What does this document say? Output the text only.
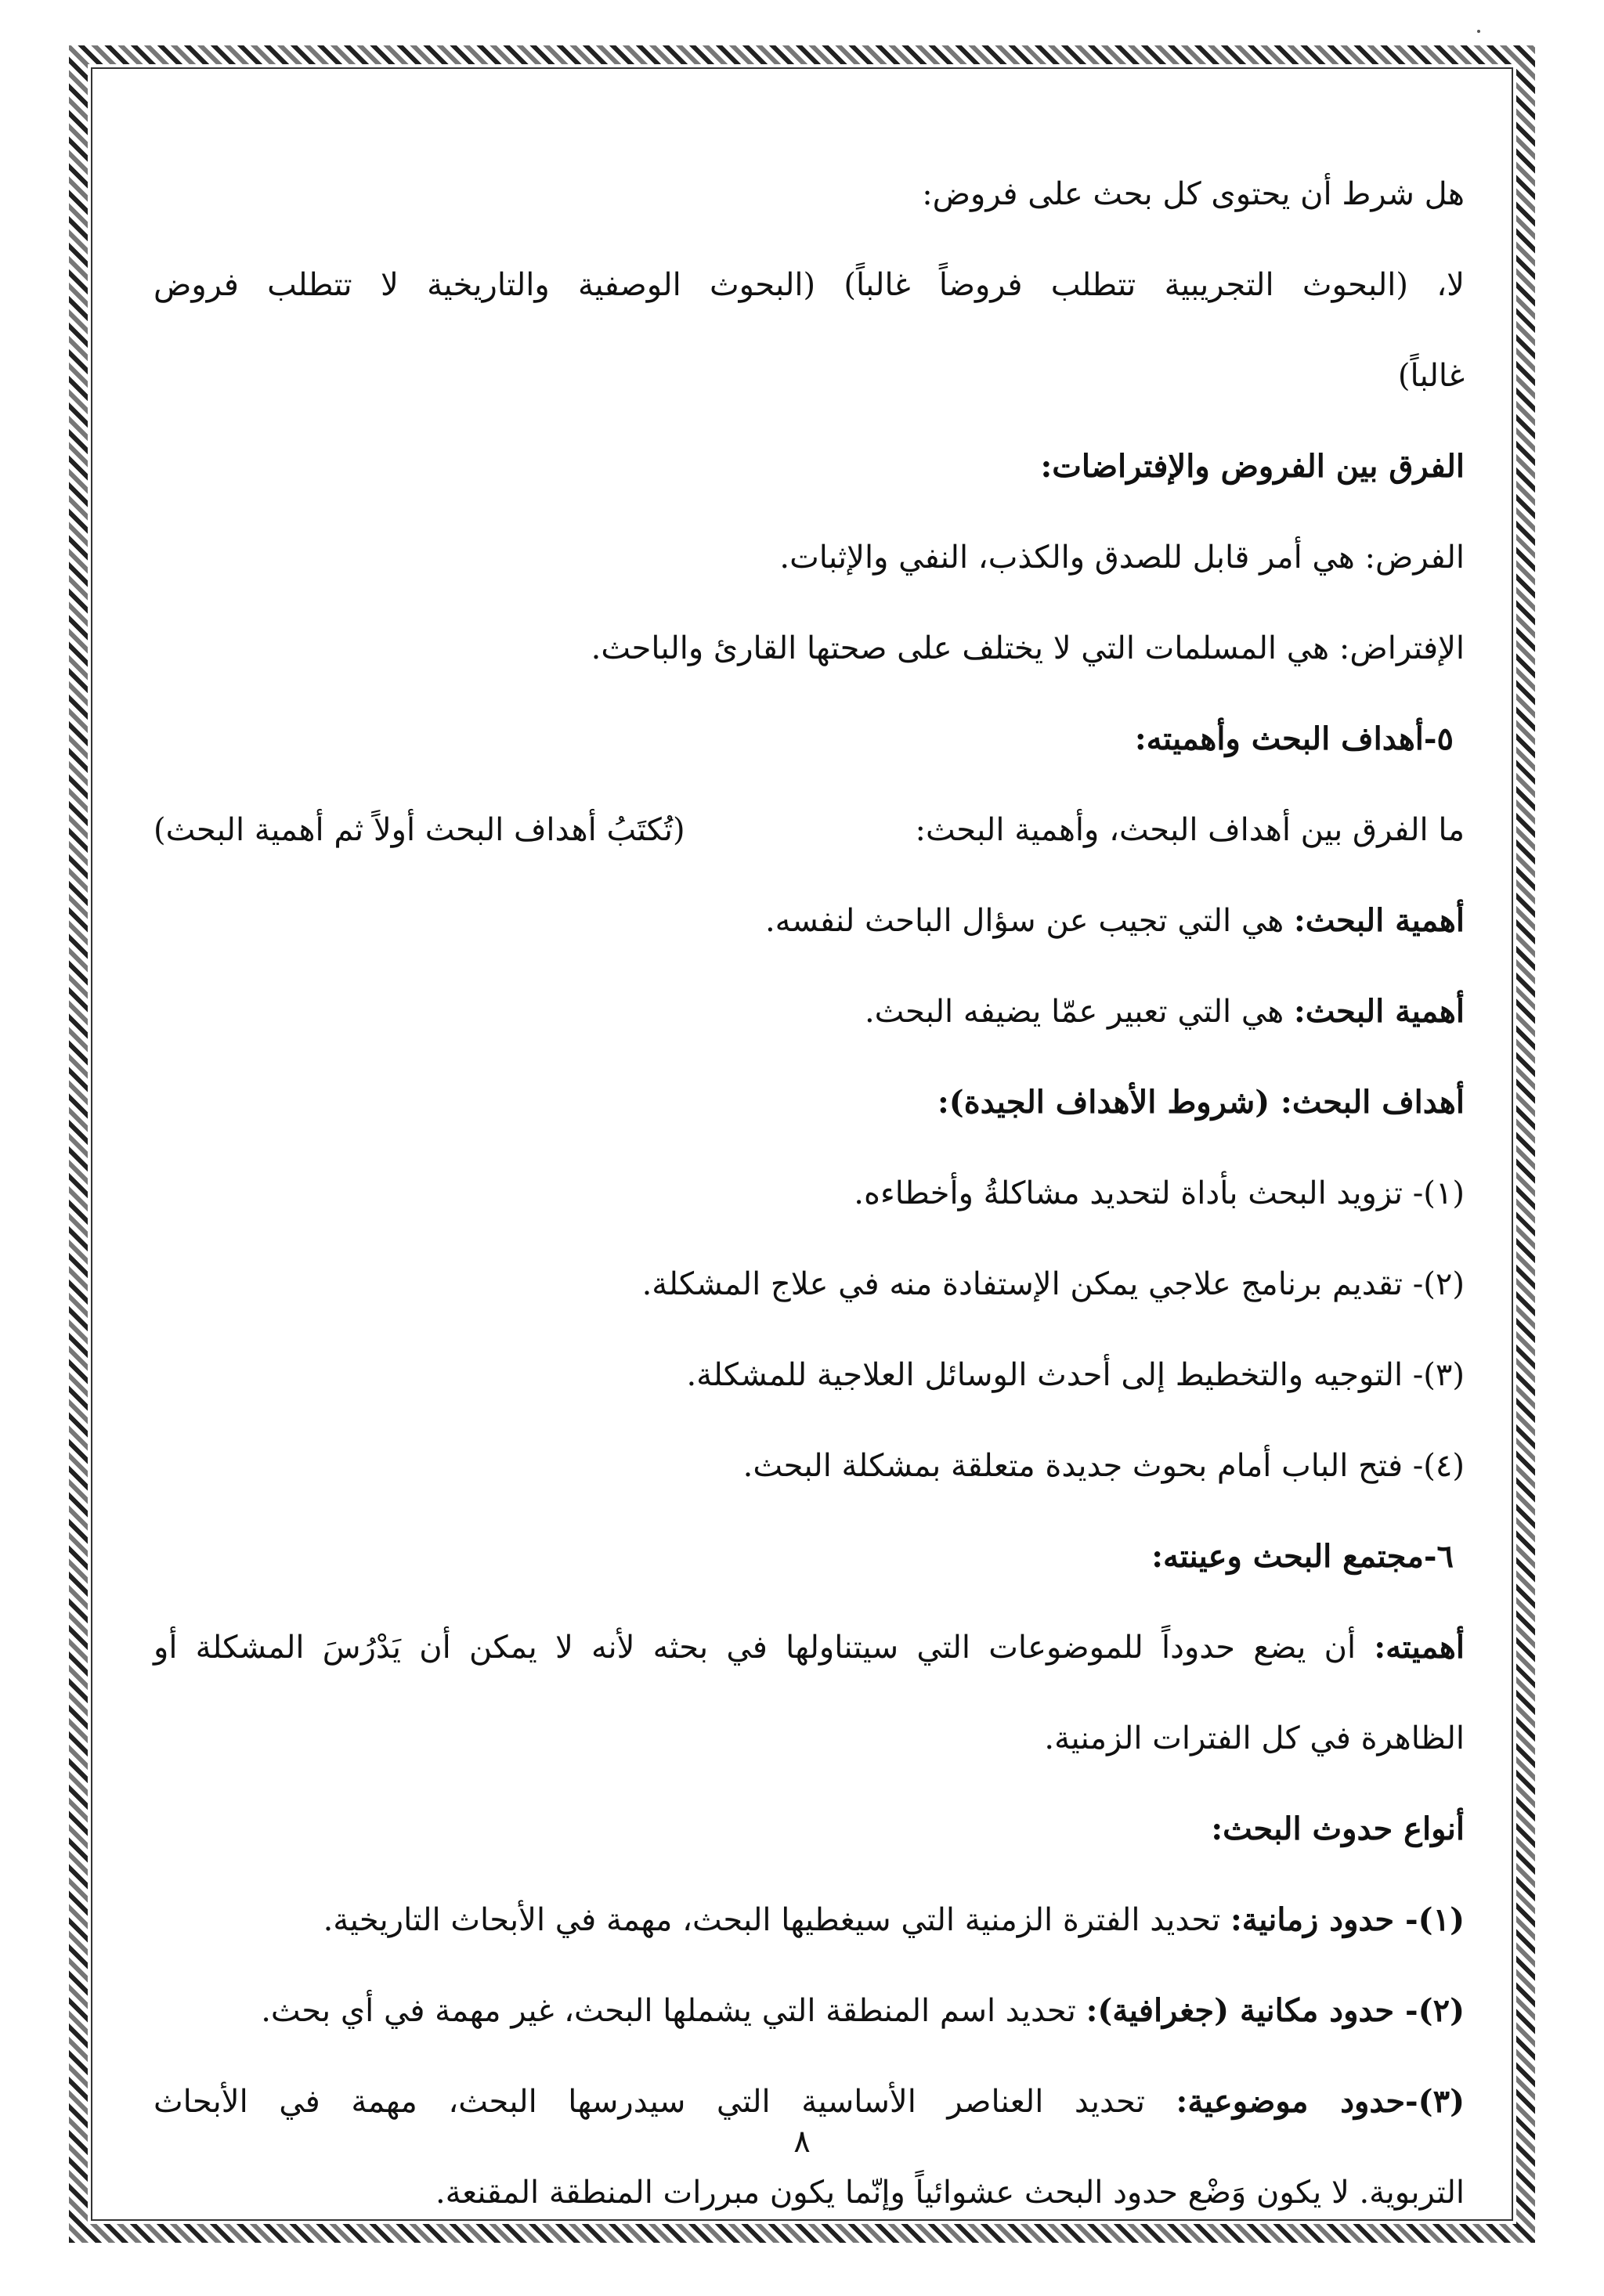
هل شرط أن يحتوى كل بحث على فروض:
لا، (البحوث التجريبية تتطلب فروضاً غالباً) (البحوث الوصفية والتاريخية لا تتطلب فروض
غالباً)
الفرق بين الفروض والإفتراضات:
الفرض: هي أمر قابل للصدق والكذب، النفي والإثبات.
الإفتراض: هي المسلمات التي لا يختلف على صحتها القارئ والباحث.
٥-أهداف البحث وأهميته:
ما الفرق بين أهداف البحث، وأهمية البحث:
(تُكتَبُ أهداف البحث أولاً ثم أهمية البحث)
أهمية البحث: هي التي تجيب عن سؤال الباحث لنفسه.
أهمية البحث: هي التي تعبير عمّا يضيفه البحث.
أهداف البحث: (شروط الأهداف الجيدة):
(١)- تزويد البحث بأداة لتحديد مشاكلةُ وأخطاءه.
(٢)- تقديم برنامج علاجي يمكن الإستفادة منه في علاج المشكلة.
(٣)- التوجيه والتخطيط إلى أحدث الوسائل العلاجية للمشكلة.
(٤)- فتح الباب أمام بحوث جديدة متعلقة بمشكلة البحث.
٦-مجتمع البحث وعينته:
أهميته: أن يضع حدوداً للموضوعات التي سيتناولها في بحثه لأنه لا يمكن أن يَدْرُسَ المشكلة أو
الظاهرة في كل الفترات الزمنية.
أنواع حدوث البحث:
(١)- حدود زمانية: تحديد الفترة الزمنية التي سيغطيها البحث، مهمة في الأبحاث التاريخية.
(٢)- حدود مكانية (جغرافية): تحديد اسم المنطقة التي يشملها البحث، غير مهمة في أي بحث.
(٣)-حدود موضوعية: تحديد العناصر الأساسية التي سيدرسها البحث، مهمة في الأبحاث
التربوية. لا يكون وَضْع حدود البحث عشوائياً وإنّما يكون مبررات المنطقة المقنعة.
٨
